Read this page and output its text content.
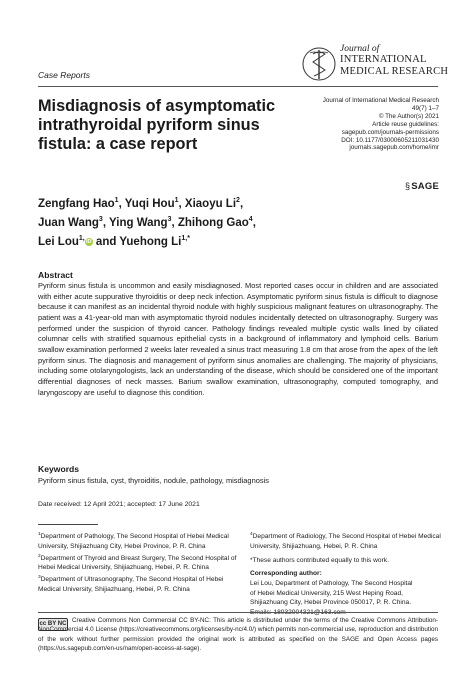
Case Reports
Journal of
INTERNATIONAL
MEDICAL RESEARCH
Misdiagnosis of asymptomatic intrathyroidal pyriform sinus fistula: a case report
Journal of International Medical Research
49(7) 1–7
© The Author(s) 2021
Article reuse guidelines:
sagepub.com/journals-permissions
DOI: 10.1177/03000605211031430
journals.sagepub.com/home/imr
§SAGE
Zengfang Hao$^1$, Yuqi Hou$^1$, Xiaoyu Li$^2$,
Juan Wang$^3$, Ying Wang$^3$, Zhihong Gao$^4$,
Lei Lou$^{1,}$iD and Yuehong $Li^{1,*}$
Abstract
Pyriform sinus fistula is uncommon and easily misdiagnosed. Most reported cases occur in children and are associated with either acute suppurative thyroiditis or deep neck infection. Asymptomatic pyriform sinus fistula is difficult to diagnose because it can manifest as an incidental thyroid nodule with highly suspicious malignant features on ultrasonography. The patient was a 41-year-old man with asymptomatic thyroid nodules incidentally detected on ultrasonography. Surgery was performed under the suspicion of thyroid cancer. Pathology findings revealed multiple cystic walls lined by ciliated columnar cells with stratified squamous epithelial cysts in a background of inflammatory and lymphoid cells. Barium swallow examination performed 2 weeks later revealed a sinus tract measuring 1.8 cm that arose from the apex of the left pyriform sinus. The diagnosis and management of pyriform sinus anomalies are challenging. The majority of physicians, including some otolaryngologists, lack an understanding of the disease, which should be considered one of the important differential diagnoses of neck masses. Barium swallow examination, ultrasonography, computed tomography, and laryngoscopy are useful to diagnose this condition.
Keywords
Pyriform sinus fistula, cyst, thyroiditis, nodule, pathology, misdiagnosis
Date received: 12 April 2021; accepted: 17 June 2021

$^1$Department of Pathology, The Second Hospital of Hebei Medical University, Shijiazhuang City, Hebei Province, P. R. China

$^2$Department of Thyroid and Breast Surgery, The Second Hospital of Hebei Medical University, Shijiazhuang, Hebei, P. R. China

$^3$Department of Ultrasonography, The Second Hospital of Hebei Medical University, Shijiazhuang, Hebei, P. R. China

$^4$Department of Radiology, The Second Hospital of Hebei Medical University, Shijiazhuang, Hebei, P. R. China

*These authors contributed equally to this work.

Corresponding author:

Lei Lou, Department of Pathology, The Second Hospital

of Hebei Medical University, 215 West Heping Road,

Shijiazhuang City, Hebei Province 050017, P. R. China.

Emails: 18032004321@163.com

cc BY NC Creative Commons Non Commercial CC BY-NC: This article is distributed under the terms of the Creative Commons Attribution-NonCommercial 4.0 License (https://creativecommons.org/licenses/by-nc/4.0/) which permits non-commercial use, reproduction and distribution of the work without further permission provided the original work is attributed as specified on the SAGE and Open Access pages (https://us.sagepub.com/en-us/nam/open-access-at-sage).
